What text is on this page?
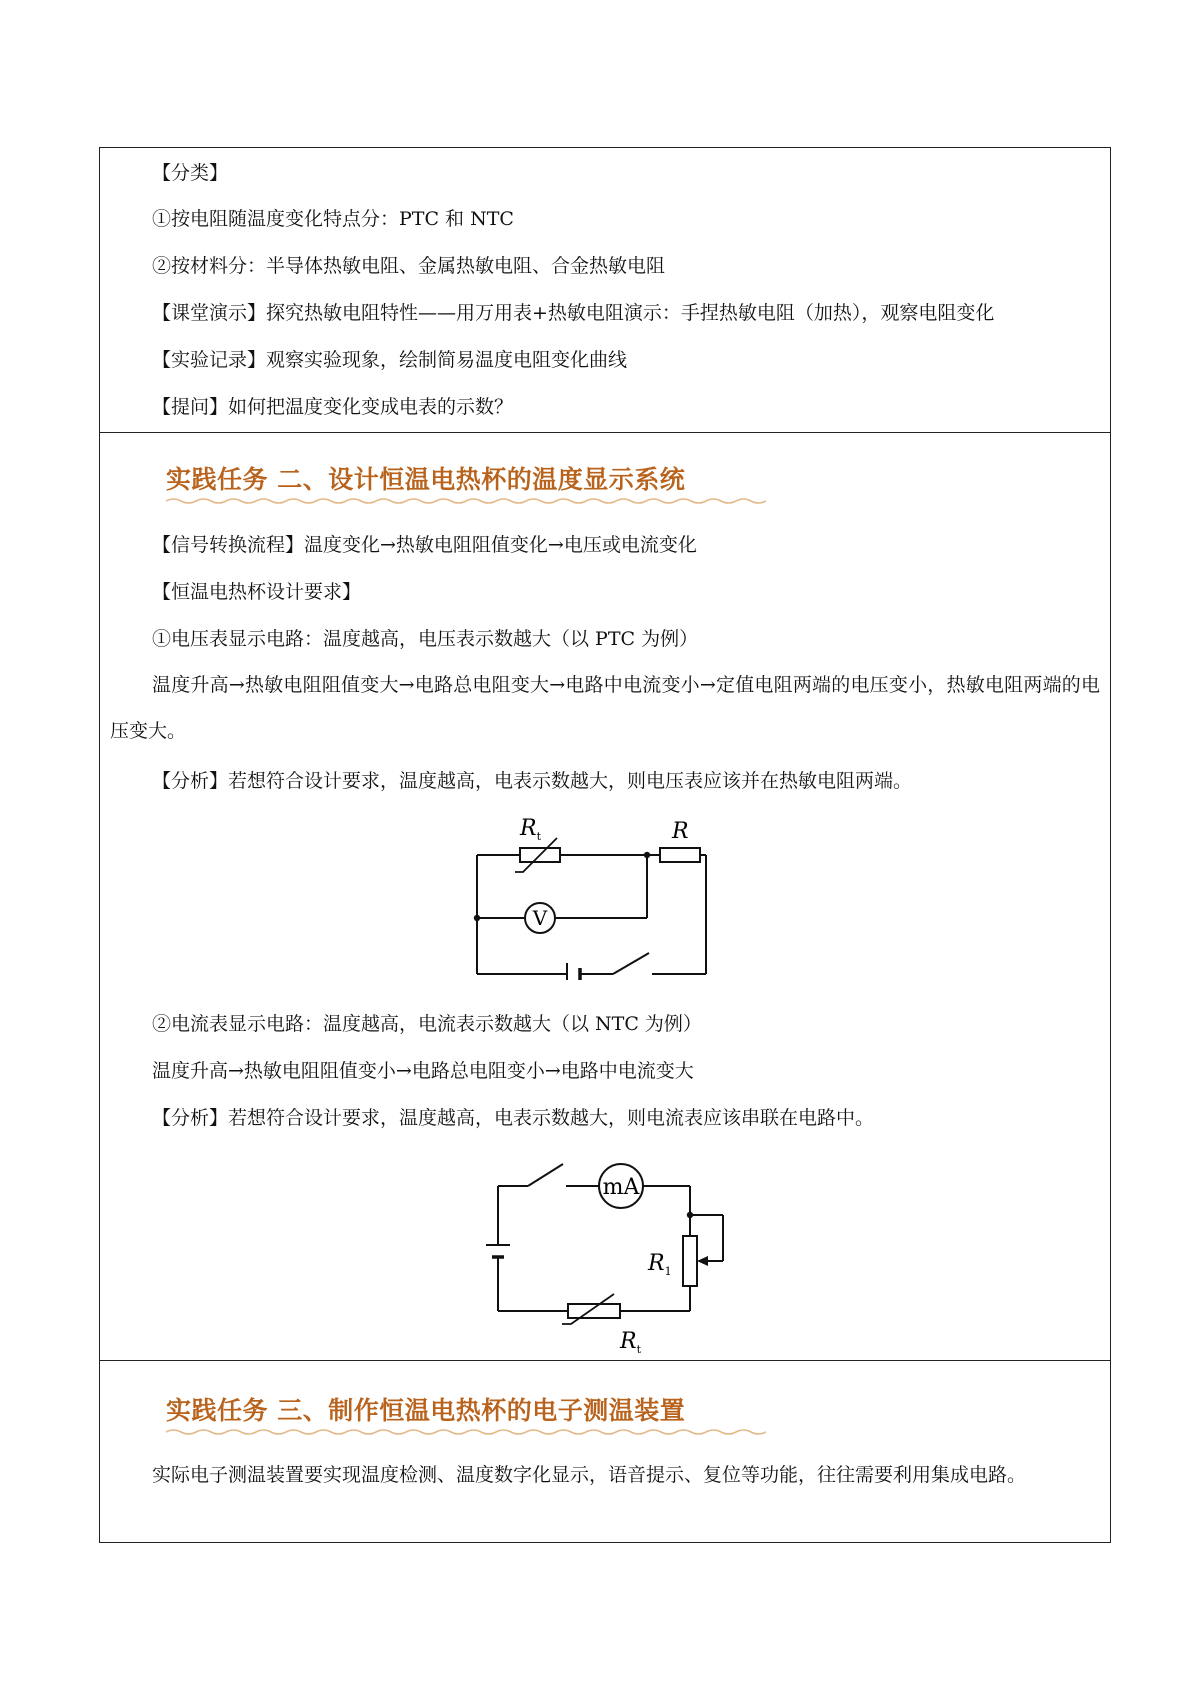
【分类】
①按电阻随温度变化特点分：PTC 和 NTC
②按材料分：半导体热敏电阻、金属热敏电阻、合金热敏电阻
【课堂演示】探究热敏电阻特性——用万用表+热敏电阻演示：手捏热敏电阻（加热），观察电阻变化
【实验记录】观察实验现象，绘制简易温度电阻变化曲线
【提问】如何把温度变化变成电表的示数？
实践任务 二、设计恒温电热杯的温度显示系统
【信号转换流程】温度变化→热敏电阻阻值变化→电压或电流变化
【恒温电热杯设计要求】
①电压表显示电路：温度越高，电压表示数越大（以 PTC 为例）
温度升高→热敏电阻阻值变大→电路总电阻变大→电路中电流变小→定值电阻两端的电压变小，热敏电阻两端的电压变大。
【分析】若想符合设计要求，温度越高，电表示数越大，则电压表应该并在热敏电阻两端。
$R_t$	R
V
②电流表显示电路：温度越高，电流表示数越大（以 NTC 为例）
温度升高→热敏电阻阻值变小→电路总电阻变小→电路中电流变大
【分析】若想符合设计要求，温度越高，电表示数越大，则电流表应该串联在电路中。
mA
$R_1$
$R_t$
实践任务 三、制作恒温电热杯的电子测温装置
实际电子测温装置要实现温度检测、温度数字化显示，语音提示、复位等功能，往往需要利用集成电路。
